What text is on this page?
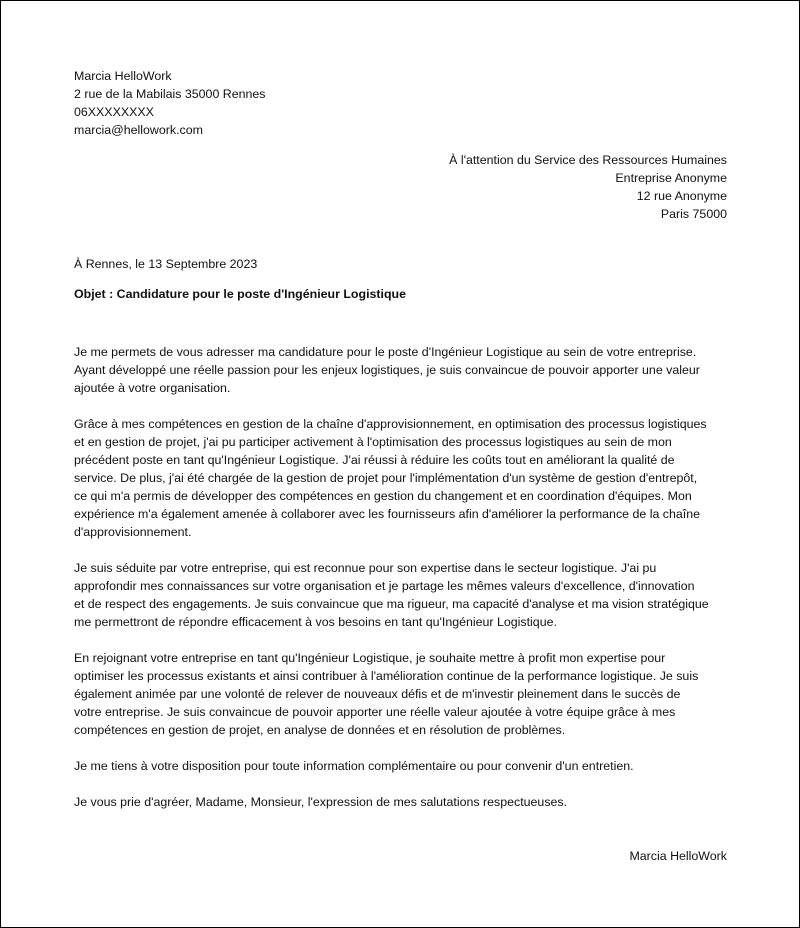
Marcia HelloWork
2 rue de la Mabilais 35000 Rennes
06XXXXXXXX
marcia@hellowork.com
À l'attention du Service des Ressources Humaines
Entreprise Anonyme
12 rue Anonyme
Paris 75000
À Rennes, le 13 Septembre 2023
Objet : Candidature pour le poste d'Ingénieur Logistique
Je me permets de vous adresser ma candidature pour le poste d'Ingénieur Logistique au sein de votre entreprise.
Ayant développé une réelle passion pour les enjeux logistiques, je suis convaincue de pouvoir apporter une valeur
ajoutée à votre organisation.
Grâce à mes compétences en gestion de la chaîne d'approvisionnement, en optimisation des processus logistiques
et en gestion de projet, j'ai pu participer activement à l'optimisation des processus logistiques au sein de mon
précédent poste en tant qu'Ingénieur Logistique. J'ai réussi à réduire les coûts tout en améliorant la qualité de
service. De plus, j'ai été chargée de la gestion de projet pour l'implémentation d'un système de gestion d'entrepôt,
ce qui m'a permis de développer des compétences en gestion du changement et en coordination d'équipes. Mon
expérience m'a également amenée à collaborer avec les fournisseurs afin d'améliorer la performance de la chaîne
d'approvisionnement.
Je suis séduite par votre entreprise, qui est reconnue pour son expertise dans le secteur logistique. J'ai pu
approfondir mes connaissances sur votre organisation et je partage les mêmes valeurs d'excellence, d'innovation
et de respect des engagements. Je suis convaincue que ma rigueur, ma capacité d'analyse et ma vision stratégique
me permettront de répondre efficacement à vos besoins en tant qu'Ingénieur Logistique.
En rejoignant votre entreprise en tant qu'Ingénieur Logistique, je souhaite mettre à profit mon expertise pour
optimiser les processus existants et ainsi contribuer à l'amélioration continue de la performance logistique. Je suis
également animée par une volonté de relever de nouveaux défis et de m'investir pleinement dans le succès de
votre entreprise. Je suis convaincue de pouvoir apporter une réelle valeur ajoutée à votre équipe grâce à mes
compétences en gestion de projet, en analyse de données et en résolution de problèmes.
Je me tiens à votre disposition pour toute information complémentaire ou pour convenir d'un entretien.
Je vous prie d'agréer, Madame, Monsieur, l'expression de mes salutations respectueuses.
Marcia HelloWork
